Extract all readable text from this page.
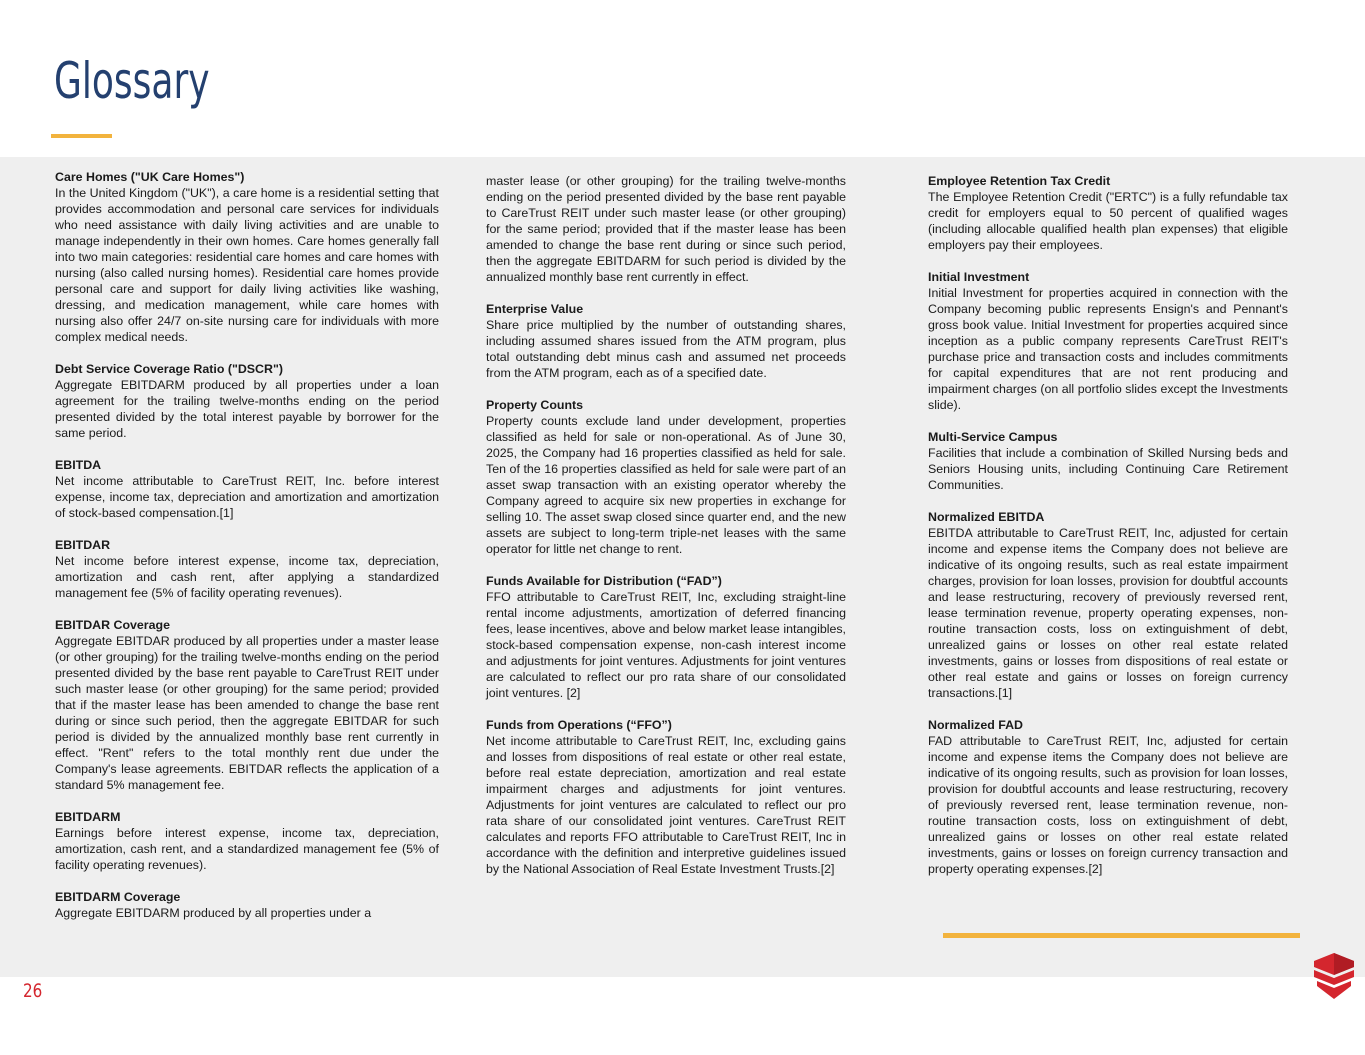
Glossary
Care Homes ("UK Care Homes")
In the United Kingdom ("UK"), a care home is a residential setting that provides accommodation and personal care services for individuals who need assistance with daily living activities and are unable to manage independently in their own homes. Care homes generally fall into two main categories: residential care homes and care homes with nursing (also called nursing homes). Residential care homes provide personal care and support for daily living activities like washing, dressing, and medication management, while care homes with nursing also offer 24/7 on-site nursing care for individuals with more complex medical needs.
Debt Service Coverage Ratio ("DSCR")
Aggregate EBITDARM produced by all properties under a loan agreement for the trailing twelve-months ending on the period presented divided by the total interest payable by borrower for the same period.
EBITDA
Net income attributable to CareTrust REIT, Inc. before interest expense, income tax, depreciation and amortization and amortization of stock-based compensation.[1]
EBITDAR
Net income before interest expense, income tax, depreciation, amortization and cash rent, after applying a standardized management fee (5% of facility operating revenues).
EBITDAR Coverage
Aggregate EBITDAR produced by all properties under a master lease (or other grouping) for the trailing twelve-months ending on the period presented divided by the base rent payable to CareTrust REIT under such master lease (or other grouping) for the same period; provided that if the master lease has been amended to change the base rent during or since such period, then the aggregate EBITDAR for such period is divided by the annualized monthly base rent currently in effect. "Rent" refers to the total monthly rent due under the Company's lease agreements. EBITDAR reflects the application of a standard 5% management fee.
EBITDARM
Earnings before interest expense, income tax, depreciation, amortization, cash rent, and a standardized management fee (5% of facility operating revenues).
EBITDARM Coverage
Aggregate EBITDARM produced by all properties under a
master lease (or other grouping) for the trailing twelve-months ending on the period presented divided by the base rent payable to CareTrust REIT under such master lease (or other grouping) for the same period; provided that if the master lease has been amended to change the base rent during or since such period, then the aggregate EBITDARM for such period is divided by the annualized monthly base rent currently in effect.
Enterprise Value
Share price multiplied by the number of outstanding shares, including assumed shares issued from the ATM program, plus total outstanding debt minus cash and assumed net proceeds from the ATM program, each as of a specified date.
Property Counts
Property counts exclude land under development, properties classified as held for sale or non-operational. As of June 30, 2025, the Company had 16 properties classified as held for sale. Ten of the 16 properties classified as held for sale were part of an asset swap transaction with an existing operator whereby the Company agreed to acquire six new properties in exchange for selling 10. The asset swap closed since quarter end, and the new assets are subject to long-term triple-net leases with the same operator for little net change to rent.
Funds Available for Distribution (“FAD”)
FFO attributable to CareTrust REIT, Inc, excluding straight-line rental income adjustments, amortization of deferred financing fees, lease incentives, above and below market lease intangibles, stock-based compensation expense, non-cash interest income and adjustments for joint ventures. Adjustments for joint ventures are calculated to reflect our pro rata share of our consolidated joint ventures. [2]
Funds from Operations (“FFO”)
Net income attributable to CareTrust REIT, Inc, excluding gains and losses from dispositions of real estate or other real estate, before real estate depreciation, amortization and real estate impairment charges and adjustments for joint ventures. Adjustments for joint ventures are calculated to reflect our pro rata share of our consolidated joint ventures. CareTrust REIT calculates and reports FFO attributable to CareTrust REIT, Inc in accordance with the definition and interpretive guidelines issued by the National Association of Real Estate Investment Trusts.[2]
Employee Retention Tax Credit
The Employee Retention Credit ("ERTC") is a fully refundable tax credit for employers equal to 50 percent of qualified wages (including allocable qualified health plan expenses) that eligible employers pay their employees.
Initial Investment
Initial Investment for properties acquired in connection with the Company becoming public represents Ensign's and Pennant's gross book value. Initial Investment for properties acquired since inception as a public company represents CareTrust REIT's purchase price and transaction costs and includes commitments for capital expenditures that are not rent producing and impairment charges (on all portfolio slides except the Investments slide).
Multi-Service Campus
Facilities that include a combination of Skilled Nursing beds and Seniors Housing units, including Continuing Care Retirement Communities.
Normalized EBITDA
EBITDA attributable to CareTrust REIT, Inc, adjusted for certain income and expense items the Company does not believe are indicative of its ongoing results, such as real estate impairment charges, provision for loan losses, provision for doubtful accounts and lease restructuring, recovery of previously reversed rent, lease termination revenue, property operating expenses, non-routine transaction costs, loss on extinguishment of debt, unrealized gains or losses on other real estate related investments, gains or losses from dispositions of real estate or other real estate and gains or losses on foreign currency transactions.[1]
Normalized FAD
FAD attributable to CareTrust REIT, Inc, adjusted for certain income and expense items the Company does not believe are indicative of its ongoing results, such as provision for loan losses, provision for doubtful accounts and lease restructuring, recovery of previously reversed rent, lease termination revenue, non-routine transaction costs, loss on extinguishment of debt, unrealized gains or losses on other real estate related investments, gains or losses on foreign currency transaction and property operating expenses.[2]
26
